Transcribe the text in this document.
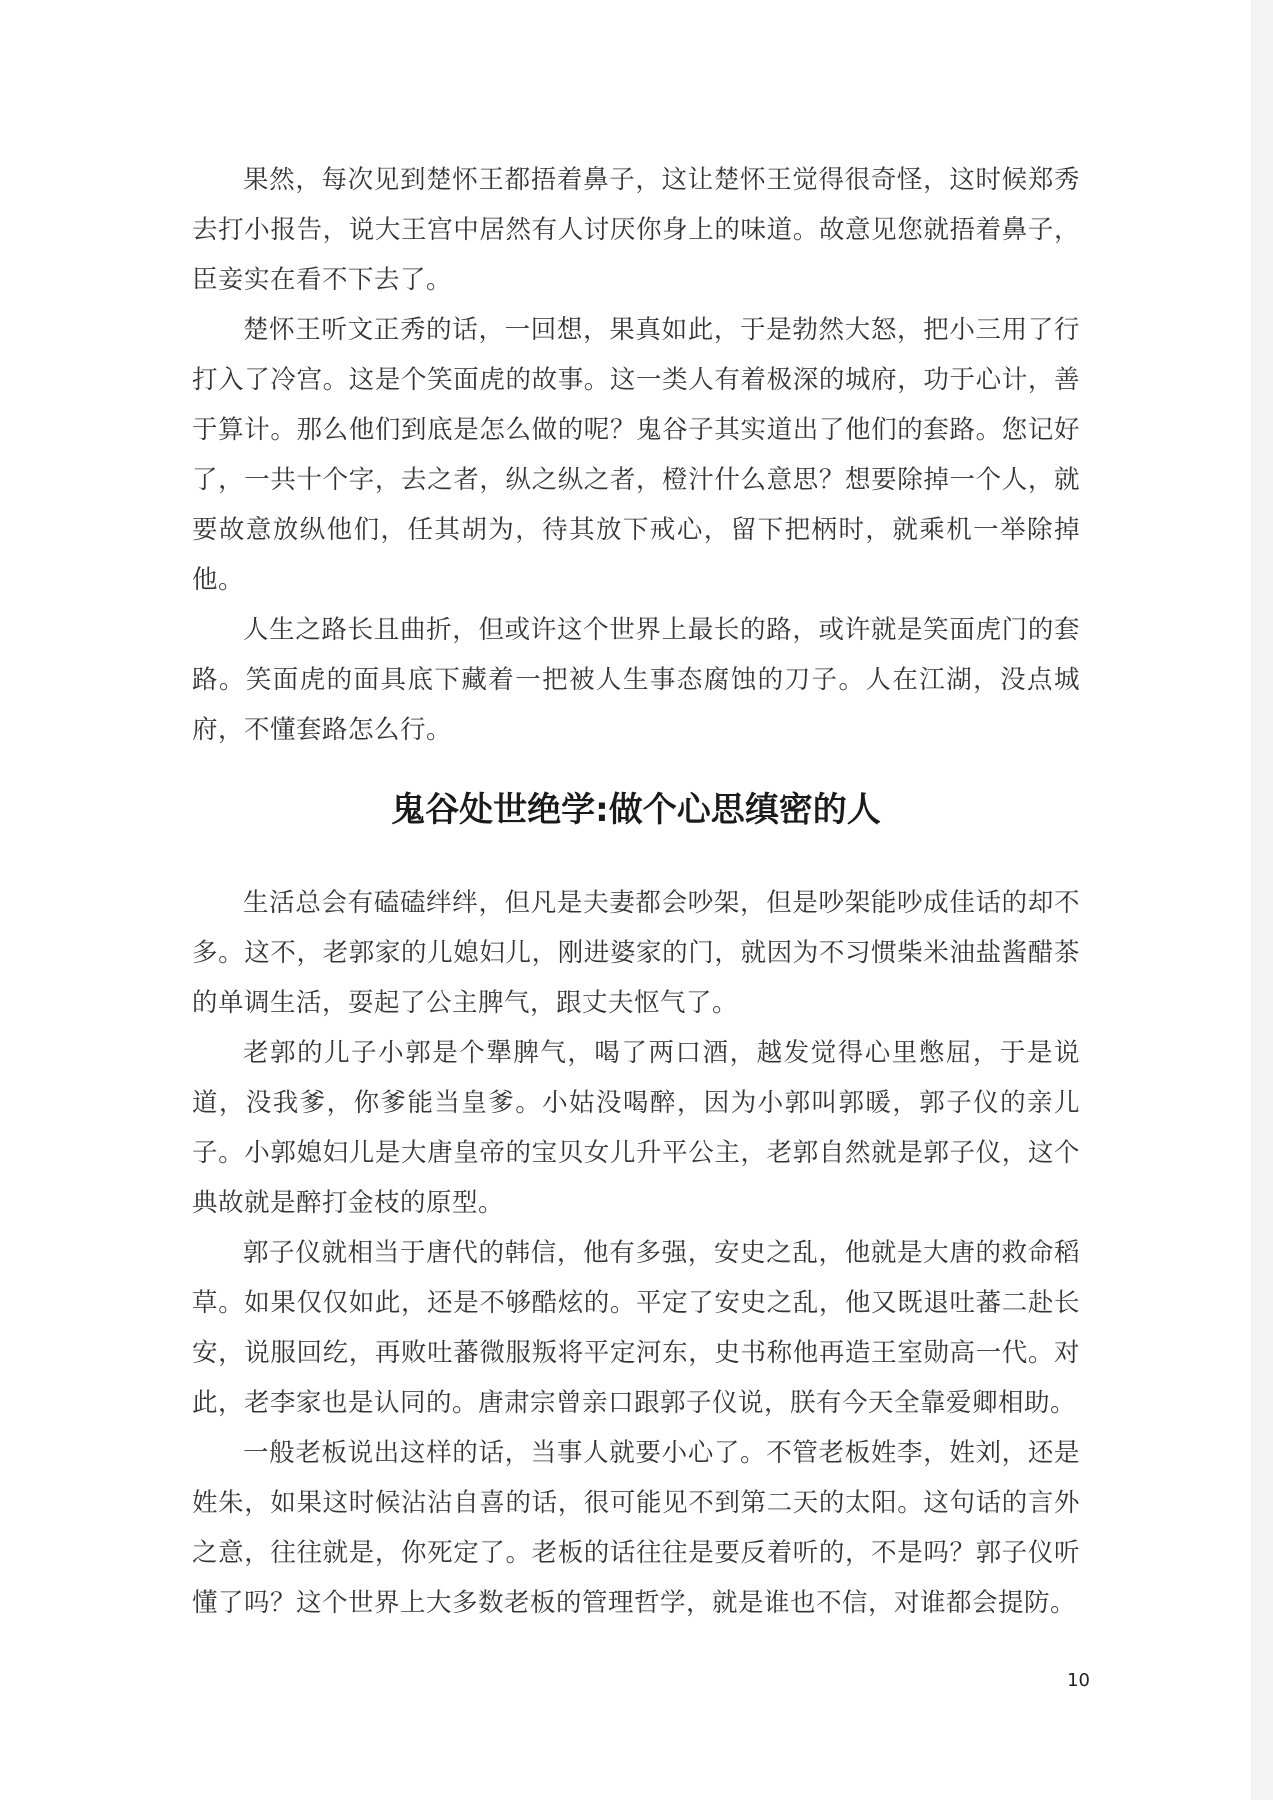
果然，每次见到楚怀王都捂着鼻子，这让楚怀王觉得很奇怪，这时候郑秀去打小报告，说大王宫中居然有人讨厌你身上的味道。故意见您就捂着鼻子，臣妾实在看不下去了。

楚怀王听文正秀的话，一回想，果真如此，于是勃然大怒，把小三用了行打入了冷宫。这是个笑面虎的故事。这一类人有着极深的城府，功于心计，善于算计。那么他们到底是怎么做的呢？鬼谷子其实道出了他们的套路。您记好了，一共十个字，去之者，纵之纵之者，橙汁什么意思？想要除掉一个人，就要故意放纵他们，任其胡为，待其放下戒心，留下把柄时，就乘机一举除掉他。

人生之路长且曲折，但或许这个世界上最长的路，或许就是笑面虎门的套路。笑面虎的面具底下藏着一把被人生事态腐蚀的刀子。人在江湖，没点城府，不懂套路怎么行。

鬼谷处世绝学:做个心思缜密的人

生活总会有磕磕绊绊，但凡是夫妻都会吵架，但是吵架能吵成佳话的却不多。这不，老郭家的儿媳妇儿，刚进婆家的门，就因为不习惯柴米油盐酱醋茶的单调生活，耍起了公主脾气，跟丈夫怄气了。

老郭的儿子小郭是个犟脾气，喝了两口酒，越发觉得心里憋屈，于是说道，没我爹，你爹能当皇爹。小姑没喝醉，因为小郭叫郭暖，郭子仪的亲儿子。小郭媳妇儿是大唐皇帝的宝贝女儿升平公主，老郭自然就是郭子仪，这个典故就是醉打金枝的原型。

郭子仪就相当于唐代的韩信，他有多强，安史之乱，他就是大唐的救命稻草。如果仅仅如此，还是不够酷炫的。平定了安史之乱，他又既退吐蕃二赴长安，说服回纥，再败吐蕃微服叛将平定河东，史书称他再造王室勋高一代。对此，老李家也是认同的。唐肃宗曾亲口跟郭子仪说，朕有今天全靠爱卿相助。

一般老板说出这样的话，当事人就要小心了。不管老板姓李，姓刘，还是姓朱，如果这时候沾沾自喜的话，很可能见不到第二天的太阳。这句话的言外之意，往往就是，你死定了。老板的话往往是要反着听的，不是吗？郭子仪听懂了吗？这个世界上大多数老板的管理哲学，就是谁也不信，对谁都会提防。

10
